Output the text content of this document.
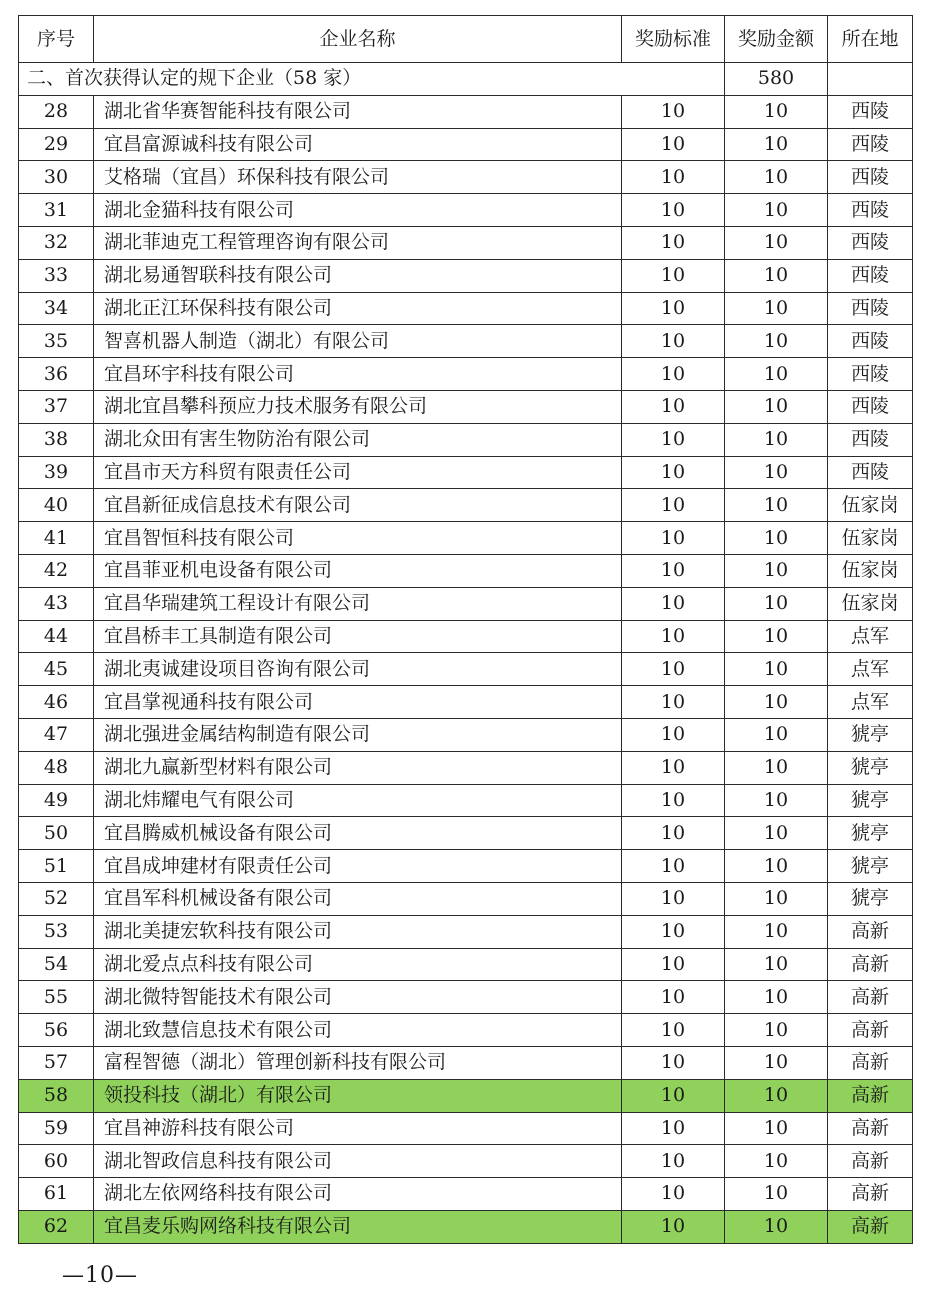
序号	企业名称	奖励标准	奖励金额	所在地
二、首次获得认定的规下企业（58 家）			580	
28	湖北省华赛智能科技有限公司	10	10	西陵
29	宜昌富源诚科技有限公司	10	10	西陵
30	艾格瑞（宜昌）环保科技有限公司	10	10	西陵
31	湖北金猫科技有限公司	10	10	西陵
32	湖北菲迪克工程管理咨询有限公司	10	10	西陵
33	湖北易通智联科技有限公司	10	10	西陵
34	湖北正江环保科技有限公司	10	10	西陵
35	智喜机器人制造（湖北）有限公司	10	10	西陵
36	宜昌环宇科技有限公司	10	10	西陵
37	湖北宜昌攀科预应力技术服务有限公司	10	10	西陵
38	湖北众田有害生物防治有限公司	10	10	西陵
39	宜昌市天方科贸有限责任公司	10	10	西陵
40	宜昌新征成信息技术有限公司	10	10	伍家岗
41	宜昌智恒科技有限公司	10	10	伍家岗
42	宜昌菲亚机电设备有限公司	10	10	伍家岗
43	宜昌华瑞建筑工程设计有限公司	10	10	伍家岗
44	宜昌桥丰工具制造有限公司	10	10	点军
45	湖北夷诚建设项目咨询有限公司	10	10	点军
46	宜昌掌视通科技有限公司	10	10	点军
47	湖北强进金属结构制造有限公司	10	10	猇亭
48	湖北九赢新型材料有限公司	10	10	猇亭
49	湖北炜耀电气有限公司	10	10	猇亭
50	宜昌腾威机械设备有限公司	10	10	猇亭
51	宜昌成坤建材有限责任公司	10	10	猇亭
52	宜昌军科机械设备有限公司	10	10	猇亭
53	湖北美捷宏软科技有限公司	10	10	高新
54	湖北爱点点科技有限公司	10	10	高新
55	湖北微特智能技术有限公司	10	10	高新
56	湖北致慧信息技术有限公司	10	10	高新
57	富程智德（湖北）管理创新科技有限公司	10	10	高新
58	领投科技（湖北）有限公司	10	10	高新
59	宜昌神游科技有限公司	10	10	高新
60	湖北智政信息科技有限公司	10	10	高新
61	湖北左依网络科技有限公司	10	10	高新
62	宜昌麦乐购网络科技有限公司	10	10	高新
—10—
